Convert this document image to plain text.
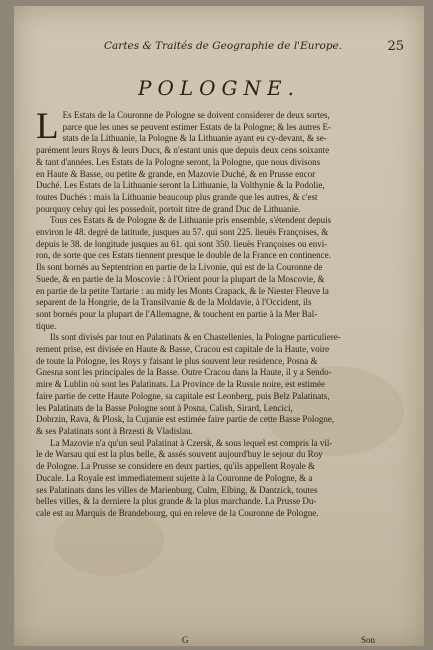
Cartes & Traités de Geographie de l'Europe.	25
POLOGNE.
L Es Estats de la Couronne de Pologne se doivent considerer de deux sortes,
parce que les unes se peuvent estimer Estats de la Pologne; & les autres E-
stats de la Lithuanie, la Pologne & la Lithuanie ayant eu cy-devant, & se-
parément leurs Roys & leurs Ducs, & n'estant unis que depuis deux cens soixante
& tant d'années. Les Estats de la Pologne seront, la Pologne, que nous divisons
en Haute & Basse, ou petite & grande, en Mazovie Duché, & en Prusse encor
Duché. Les Estats de la Lithuanie seront la Lithuanie, la Volthynie & la Podolie,
toutes Duchés : mais la Lithuanie beaucoup plus grande que les autres, & c'est
pourquoy celuy qui les possedoit, portoit titre de grand Duc de Lithuanie.
Tous ces Estats & de Pologne & de Lithuanie pris ensemble, s'étendent depuis
environ le 48. degré de latitude, jusques au 57. qui sont 225. lieuës Françoises, &
depuis le 38. de longitude jusques au 61. qui sont 350. lieuës Françoises ou envi-
ron, de sorte que ces Estats tiennent presque le double de la France en continence.
Ils sont bornés au Septentrion en partie de la Livonie, qui est de la Couronne de
Suede, & en partie de la Moscovie : à l'Orient pour la plupart de la Moscovie, &
en partie de la petite Tartarie : au midy les Monts Crapack, & le Niester Fleuve la
separent de la Hongrie, de la Transilvanie & de la Moldavie, à l'Occident, ils
sont bornés pour la plupart de l'Allemagne, & touchent en partie à la Mer Bal-
tique.
Ils sont divisés par tout en Palatinats & en Chastellenies, la Pologne particuliere-
rement prise, est divisée en Haute & Basse, Cracou est capitale de la Haute, voire
de toute la Pologne, les Roys y faisant le plus souvent leur residence, Posna &
Gnesna sont les principales de la Basse. Outre Cracou dans la Haute, il y a Sendo-
mire & Lublin où sont les Palatinats. La Province de la Russie noire, est estimée
faire partie de cette Haute Pologne, sa capitale est Leonberg, puis Belz Palatinats,
les Palatinats de la Basse Pologne sont à Posna, Calish, Sirard, Lencici,
Dobrzin, Rava, & Plosk, la Cujanie est estimée faire partie de cette Basse Pologne,
& ses Palatinats sont à Brzesti & Vladislau.
La Mazovie n'a qu'un seul Palatinat à Czersk, & sous lequel est compris la vil-
le de Warsau qui est la plus belle, & assés souvent aujourd'huy le sejour du Roy
de Pologne. La Prusse se considere en deux parties, qu'ils appellent Royale &
Ducale. La Royale est immediatement sujette à la Couronne de Pologne, & a
ses Palatinats dans les villes de Marienburg, Culm, Elbing, & Dantzick, toutes
belles villes, & la derniere la plus grande & la plus marchande. La Prusse Du-
cale est au Marquis de Brandebourg, qui en releve de la Couronne de Pologne.
G	Son
